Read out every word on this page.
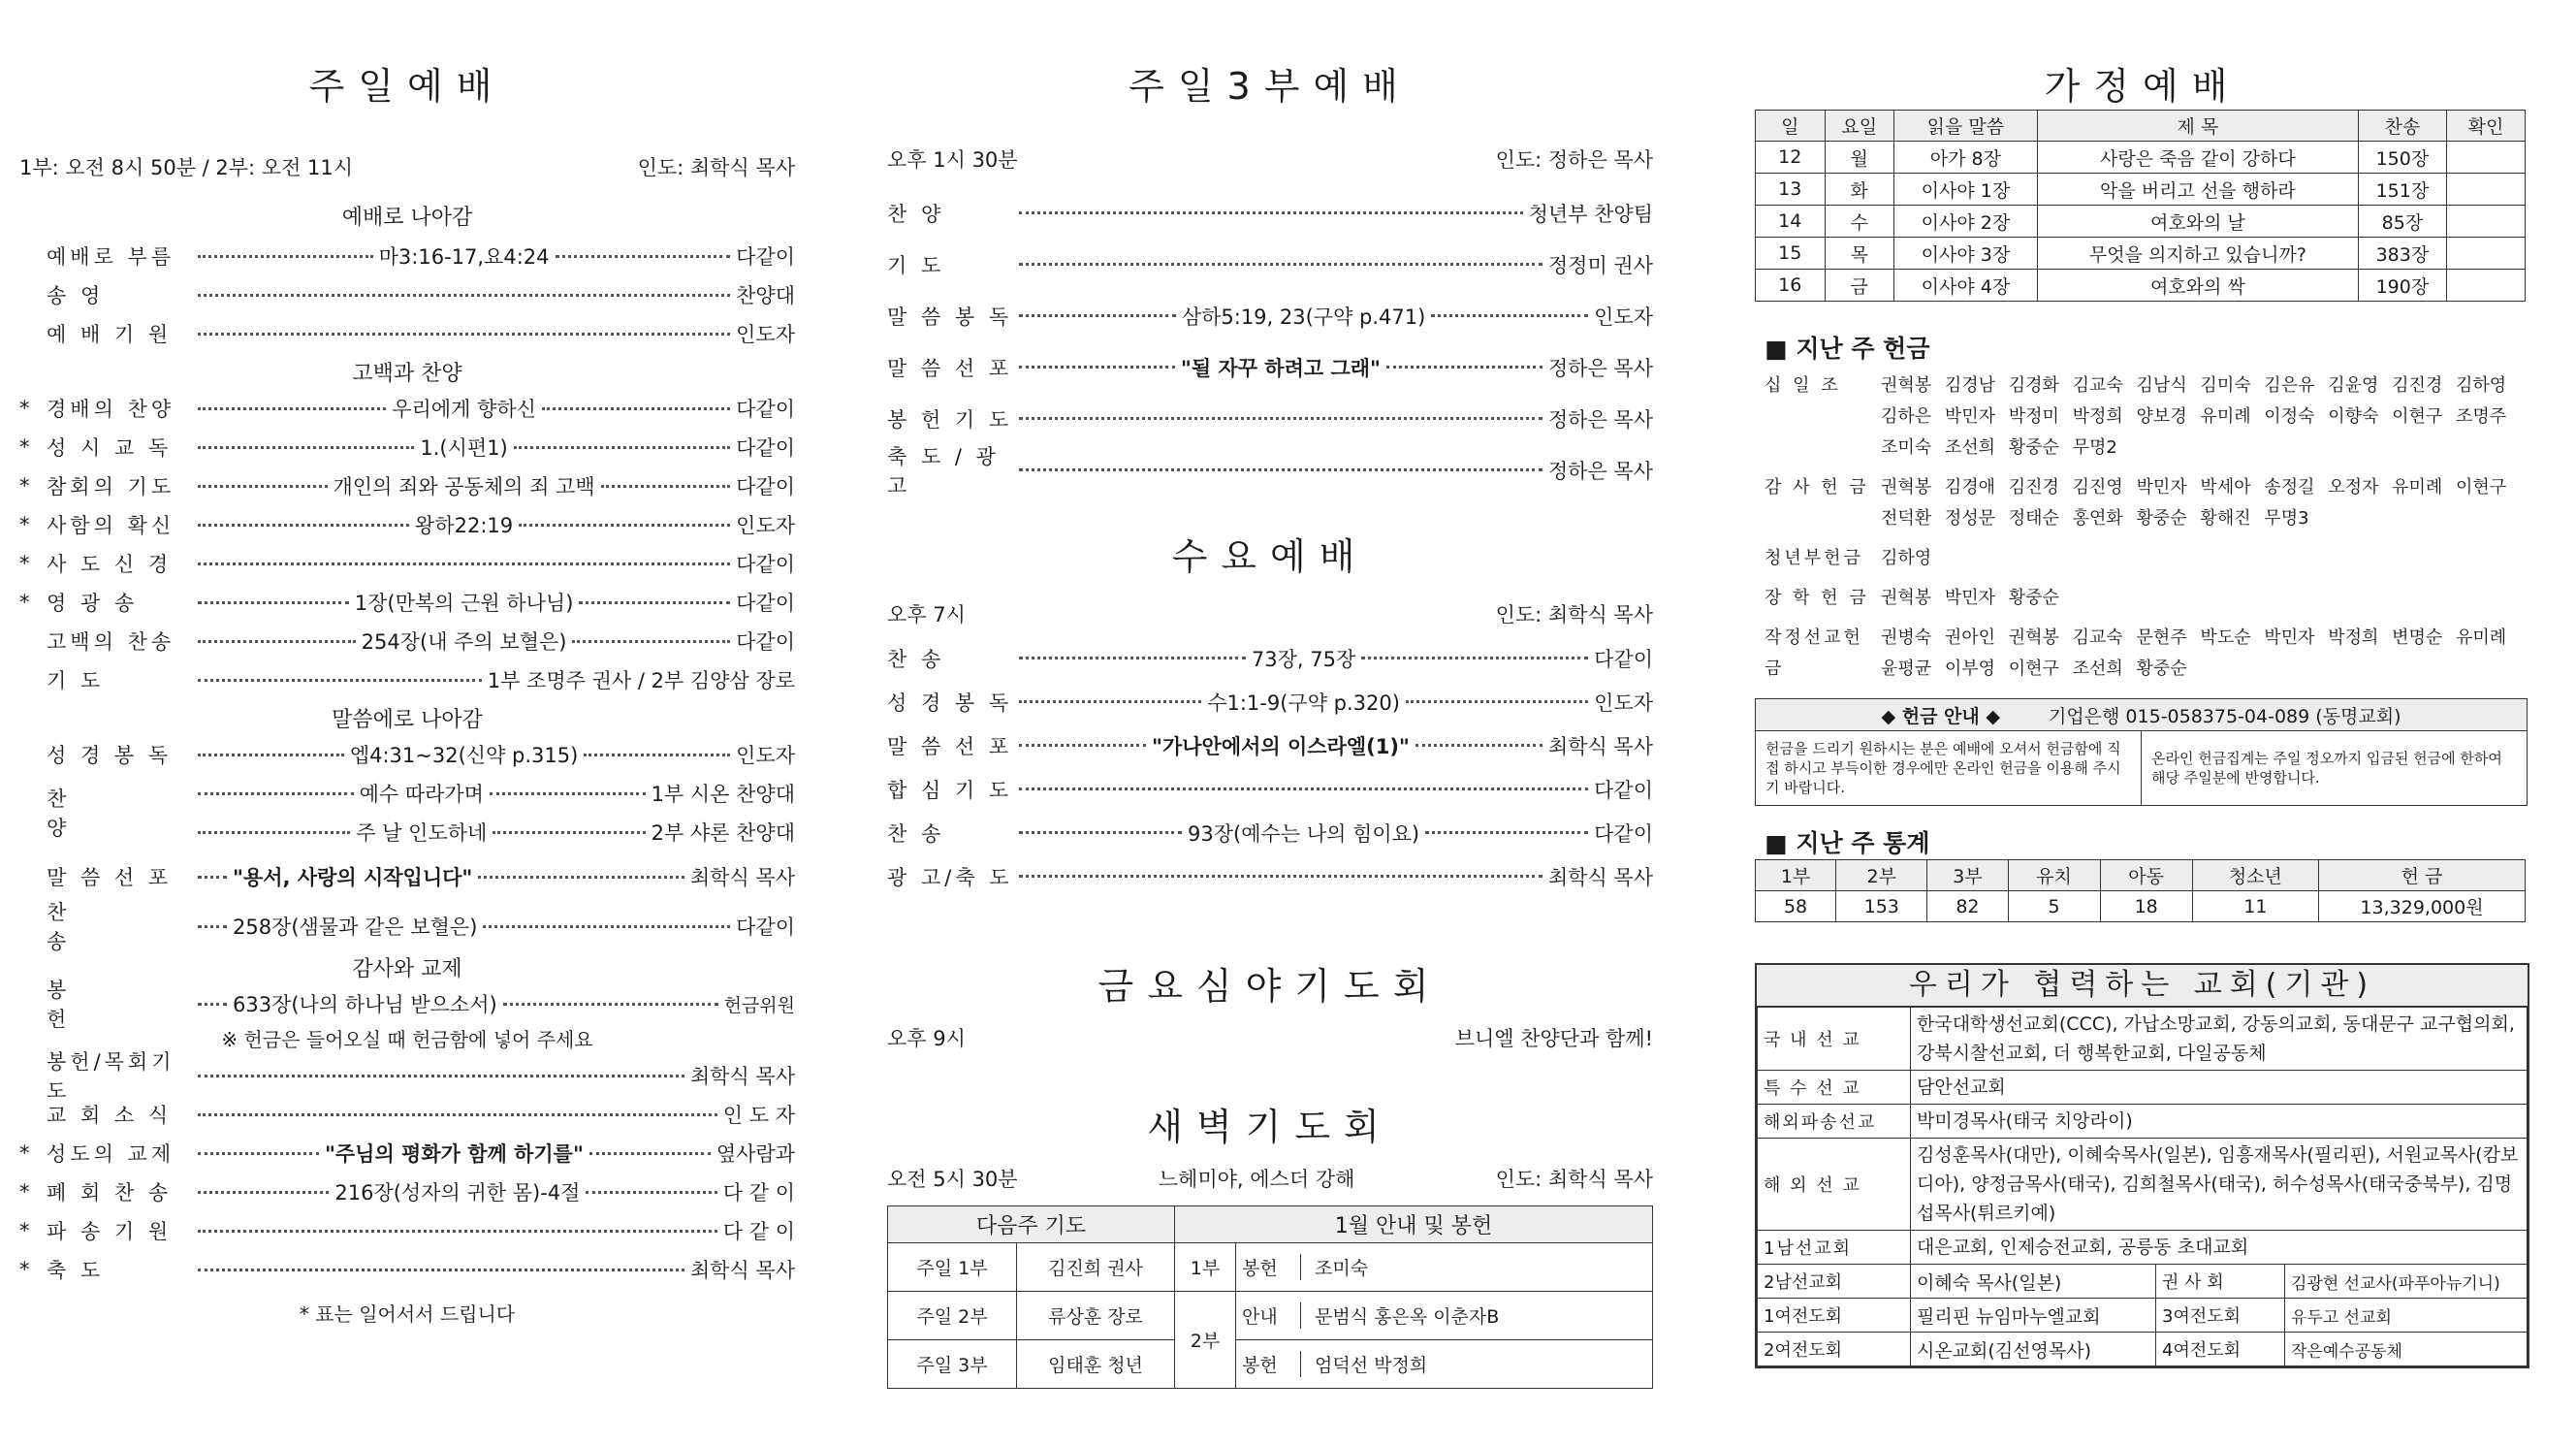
주일예배
1부: 오전 8시 50분 / 2부: 오전 11시	인도: 최학식 목사
예배로 나아감
예배로 부름	마3:16-17,요4:24	다같이
송 영	찬양대
예 배 기 원	인도자
고백과 찬양
* 경배의 찬양	우리에게 향하신	다같이
* 성 시 교 독	1.(시편1)	다같이
* 참회의 기도	개인의 죄와 공동체의 죄 고백	다같이
* 사함의 확신	왕하22:19	인도자
* 사 도 신 경	다같이
* 영 광 송	1장(만복의 근원 하나님)	다같이
고백의 찬송	254장(내 주의 보혈은)	다같이
기 도	1부 조명주 권사 / 2부 김양삼 장로
말씀에로 나아감
성 경 봉 독	엡4:31~32(신약 p.315)	인도자
찬 양
예수 따라가며	1부 시온 찬양대
주 날 인도하네	2부 샤론 찬양대
말 씀 선 포	"용서, 사랑의 시작입니다"	최학식 목사
찬 송
258장(샘물과 같은 보혈은)	다같이
감사와 교제
봉 헌
633장(나의 하나님 받으소서)	헌금위원
※ 헌금은 들어오실 때 헌금함에 넣어 주세요
봉헌/목회기도
최학식 목사
교 회 소 식	인 도 자
* 성도의 교제	"주님의 평화가 함께 하기를"	옆사람과
* 폐 회 찬 송	216장(성자의 귀한 몸)-4절	다 같 이
* 파 송 기 원	다 같 이
* 축 도	최학식 목사
* 표는 일어서서 드립니다
주일3부예배
오후 1시 30분	인도: 정하은 목사
찬 양	청년부 찬양팀
기 도	정정미 권사
말 씀 봉 독	삼하5:19, 23(구약 p.471)	인도자
말 씀 선 포	"될 자꾸 하려고 그래"	정하은 목사
봉 헌 기 도	정하은 목사
축 도 / 광 고
정하은 목사
수요예배
오후 7시	인도: 최학식 목사
찬 송	73장, 75장	다같이
성 경 봉 독	수1:1-9(구약 p.320)	인도자
말 씀 선 포	"가나안에서의 이스라엘(1)"	최학식 목사
합 심 기 도	다같이
찬 송	93장(예수는 나의 힘이요)	다같이
광 고/축 도	최학식 목사
금요심야기도회
오후 9시	브니엘 찬양단과 함께!
새벽기도회
오전 5시 30분	느헤미야, 에스더 강해	인도: 최학식 목사
다음주 기도		1월 안내 및 봉헌	
주일 1부	김진희 권사	1부	봉헌 조미숙
주일 2부	류상훈 장로	2부	안내 문범식 홍은옥 이춘자B
주일 3부	임태훈 청년		봉헌 엄덕선 박정희
가정예배
일	요일	읽을 말씀	제 목	찬송	확인
12	월	아가 8장	사랑은 죽음 같이 강하다	150장	
13	화	이사야 1장	악을 버리고 선을 행하라	151장	
14	수	이사야 2장	여호와의 날	85장	
15	목	이사야 3장	무엇을 의지하고 있습니까?	383장	
16	금	이사야 4장	여호와의 싹	190장	
■ 지난 주 헌금
십 일 조	권혁봉 김경남 김경화 김교숙 김남식 김미숙 김은유 김윤영 김진경 김하영 김하은 박민자 박정미 박정희 양보경 유미례 이정숙 이향숙 이현구 조명주 조미숙 조선희 황중순 무명2
감 사 헌 금 권혁봉 김경애 김진경 김진영 박민자 박세아 송정길 오정자 유미례 이현구 전덕환 정성문 정태순 홍연화 황중순 황해진 무명3
청년부헌금	김하영
장 학 헌 금 권혁봉 박민자 황중순
작정선교헌금
권병숙 권아인 권혁봉 김교숙 문현주 박도순 박민자 박정희 변명순 유미례 윤평균 이부영 이현구 조선희 황중순
◆ 헌금 안내 ◆	기업은행 015-058375-04-089 (동명교회)
헌금을 드리기 원하시는 분은 예배에 오셔서 헌금함에 직접 하시고 부득이한 경우에만 온라인 헌금을 이용해 주시기 바랍니다.
온라인 헌금집계는 주일 정오까지 입금된 헌금에 한하여 해당 주일분에 반영합니다.
■ 지난 주 통계
1부	2부	3부	유치	아동	청소년	헌 금
58	153	82	5	18	11	13,329,000원
우리가 협력하는 교회(기관)
국 내 선 교	한국대학생선교회(CCC), 가납소망교회, 강동의교회, 동대문구 교구협의회, 강북시찰선교회, 더 행복한교회, 다일공동체		
특 수 선 교	담안선교회		
해외파송선교	박미경목사(태국 치앙라이)		
해 외 선 교	김성훈목사(대만), 이혜숙목사(일본), 임흥재목사(필리핀), 서원교목사(캄보디아), 양정금목사(태국), 김희철목사(태국), 허수성목사(태국중북부), 김명섭목사(튀르키예)		
1남선교회	대은교회, 인제승전교회, 공릉동 초대교회		
2남선교회	이혜숙 목사(일본)	권 사 회	김광현 선교사(파푸아뉴기니)
1여전도회	필리핀 뉴임마누엘교회	3여전도회	유두고 선교회
2여전도회	시온교회(김선영목사)	4여전도회	작은예수공동체
